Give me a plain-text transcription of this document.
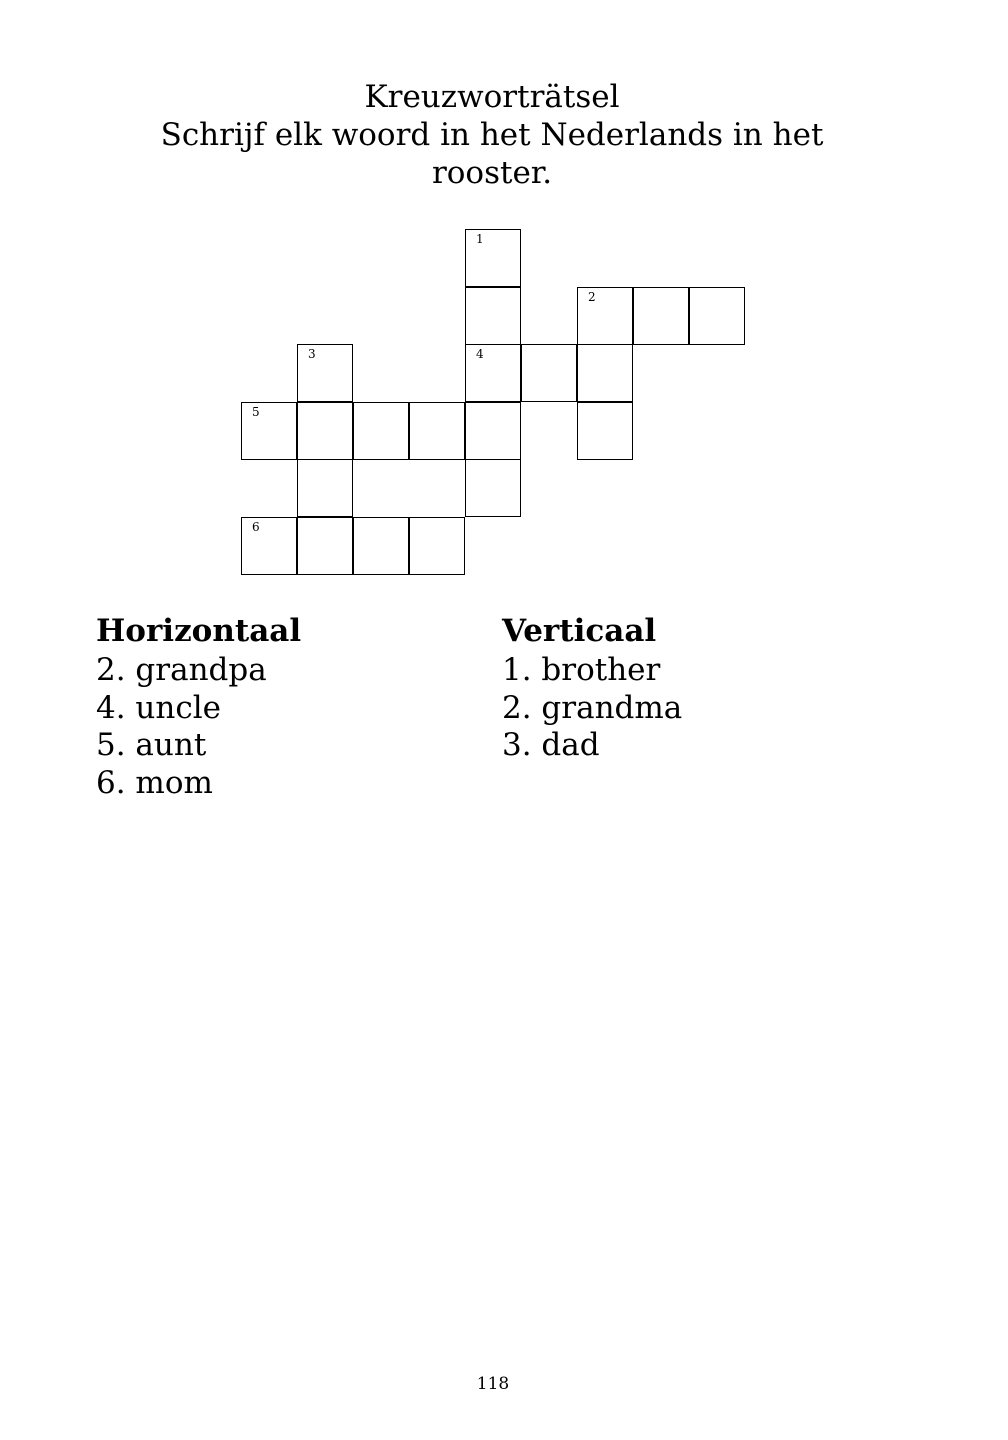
Kreuzworträtsel
Schrijf elk woord in het Nederlands in het rooster.
1
2
3	4
5
6
Horizontaal
2. grandpa
4. uncle
5. aunt
6. mom
Verticaal
1. brother
2. grandma
3. dad
118
